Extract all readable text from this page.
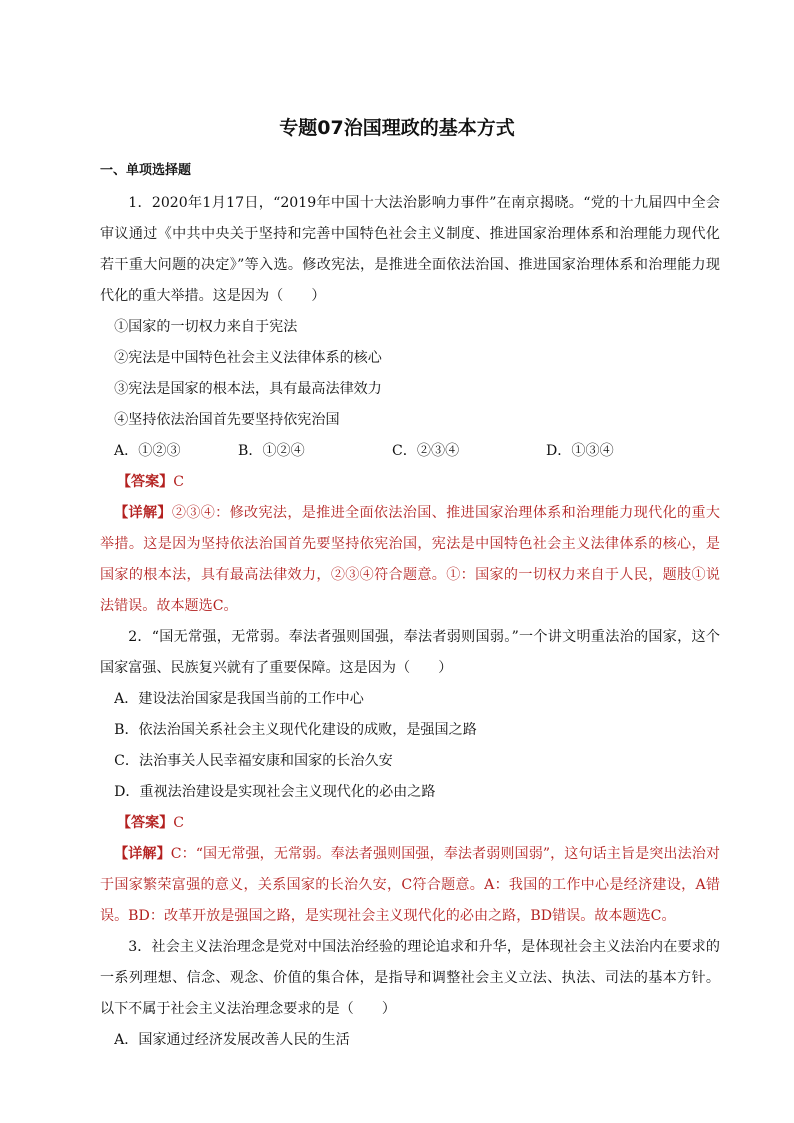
专题07治国理政的基本方式
一、单项选择题

1．2020年1月17日，“2019年中国十大法治影响力事件”在南京揭晓。“党的十九届四中全会审议通过《中共中央关于坚持和完善中国特色社会主义制度、推进国家治理体系和治理能力现代化若干重大问题的决定》”等入选。修改宪法，是推进全面依法治国、推进国家治理体系和治理能力现代化的重大举措。这是因为（　　）

①国家的一切权力来自于宪法

②宪法是中国特色社会主义法律体系的核心

③宪法是国家的根本法，具有最高法律效力

④坚持依法治国首先要坚持依宪治国

A．①②③	B．①②④	C．②③④	D．①③④

【答案】C

【详解】②③④：修改宪法，是推进全面依法治国、推进国家治理体系和治理能力现代化的重大举措。这是因为坚持依法治国首先要坚持依宪治国，宪法是中国特色社会主义法律体系的核心，是国家的根本法，具有最高法律效力，②③④符合题意。①：国家的一切权力来自于人民，题肢①说法错误。故本题选C。

2．“国无常强，无常弱。奉法者强则国强，奉法者弱则国弱。”一个讲文明重法治的国家，这个国家富强、民族复兴就有了重要保障。这是因为（　　）

A．建设法治国家是我国当前的工作中心

B．依法治国关系社会主义现代化建设的成败，是强国之路

C．法治事关人民幸福安康和国家的长治久安

D．重视法治建设是实现社会主义现代化的必由之路

【答案】C

【详解】C：“国无常强，无常弱。奉法者强则国强，奉法者弱则国弱”，这句话主旨是突出法治对于国家繁荣富强的意义，关系国家的长治久安，C符合题意。A：我国的工作中心是经济建设，A错误。BD：改革开放是强国之路，是实现社会主义现代化的必由之路，BD错误。故本题选C。

3．社会主义法治理念是党对中国法治经验的理论追求和升华，是体现社会主义法治内在要求的一系列理想、信念、观念、价值的集合体，是指导和调整社会主义立法、执法、司法的基本方针。以下不属于社会主义法治理念要求的是（　　）

A．国家通过经济发展改善人民的生活
